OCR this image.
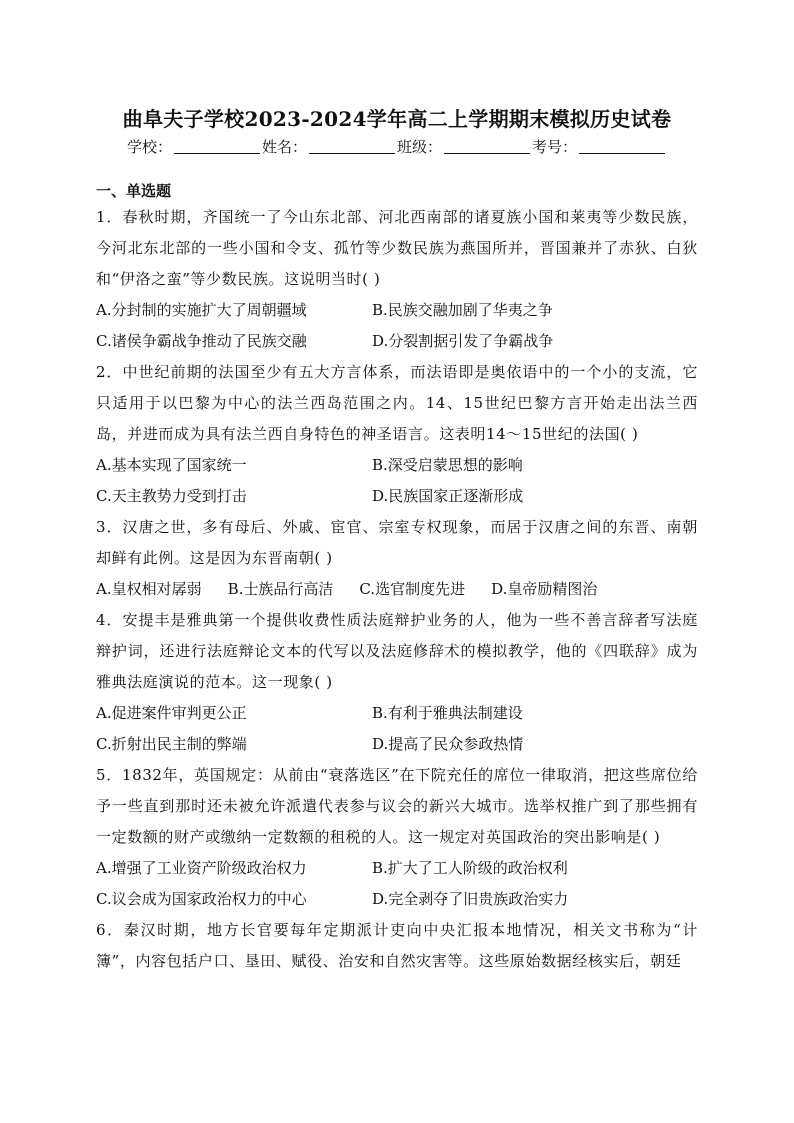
曲阜夫子学校2023-2024学年高二上学期期末模拟历史试卷
学校：	姓名：	班级：	考号：
一、单选题

1．春秋时期，齐国统一了今山东北部、河北西南部的诸夏族小国和莱夷等少数民族，今河北东北部的一些小国和令支、孤竹等少数民族为燕国所并，晋国兼并了赤狄、白狄和“伊洛之蛮”等少数民族。这说明当时( )

A.分封制的实施扩大了周朝疆域	B.民族交融加剧了华夷之争
C.诸侯争霸战争推动了民族交融	D.分裂割据引发了争霸战争

2．中世纪前期的法国至少有五大方言体系，而法语即是奥依语中的一个小的支流，它只适用于以巴黎为中心的法兰西岛范围之内。14、15世纪巴黎方言开始走出法兰西岛，并进而成为具有法兰西自身特色的神圣语言。这表明14～15世纪的法国( )

A.基本实现了国家统一	B.深受启蒙思想的影响
C.天主教势力受到打击	D.民族国家正逐渐形成

3．汉唐之世，多有母后、外戚、宦官、宗室专权现象，而居于汉唐之间的东晋、南朝却鲜有此例。这是因为东晋南朝( )

A.皇权相对孱弱 B.士族品行高洁 C.选官制度先进 D.皇帝励精图治

4．安提丰是雅典第一个提供收费性质法庭辩护业务的人，他为一些不善言辞者写法庭辩护词，还进行法庭辩论文本的代写以及法庭修辞术的模拟教学，他的《四联辞》成为雅典法庭演说的范本。这一现象( )

A.促进案件审判更公正	B.有利于雅典法制建设
C.折射出民主制的弊端	D.提高了民众参政热情

5．1832年，英国规定：从前由“衰落选区”在下院充任的席位一律取消，把这些席位给予一些直到那时还未被允许派遣代表参与议会的新兴大城市。选举权推广到了那些拥有一定数额的财产或缴纳一定数额的租税的人。这一规定对英国政治的突出影响是( )

A.增强了工业资产阶级政治权力	B.扩大了工人阶级的政治权利
C.议会成为国家政治权力的中心	D.完全剥夺了旧贵族政治实力

6．秦汉时期，地方长官要每年定期派计吏向中央汇报本地情况，相关文书称为“计簿”，内容包括户口、垦田、赋役、治安和自然灾害等。这些原始数据经核实后，朝廷
